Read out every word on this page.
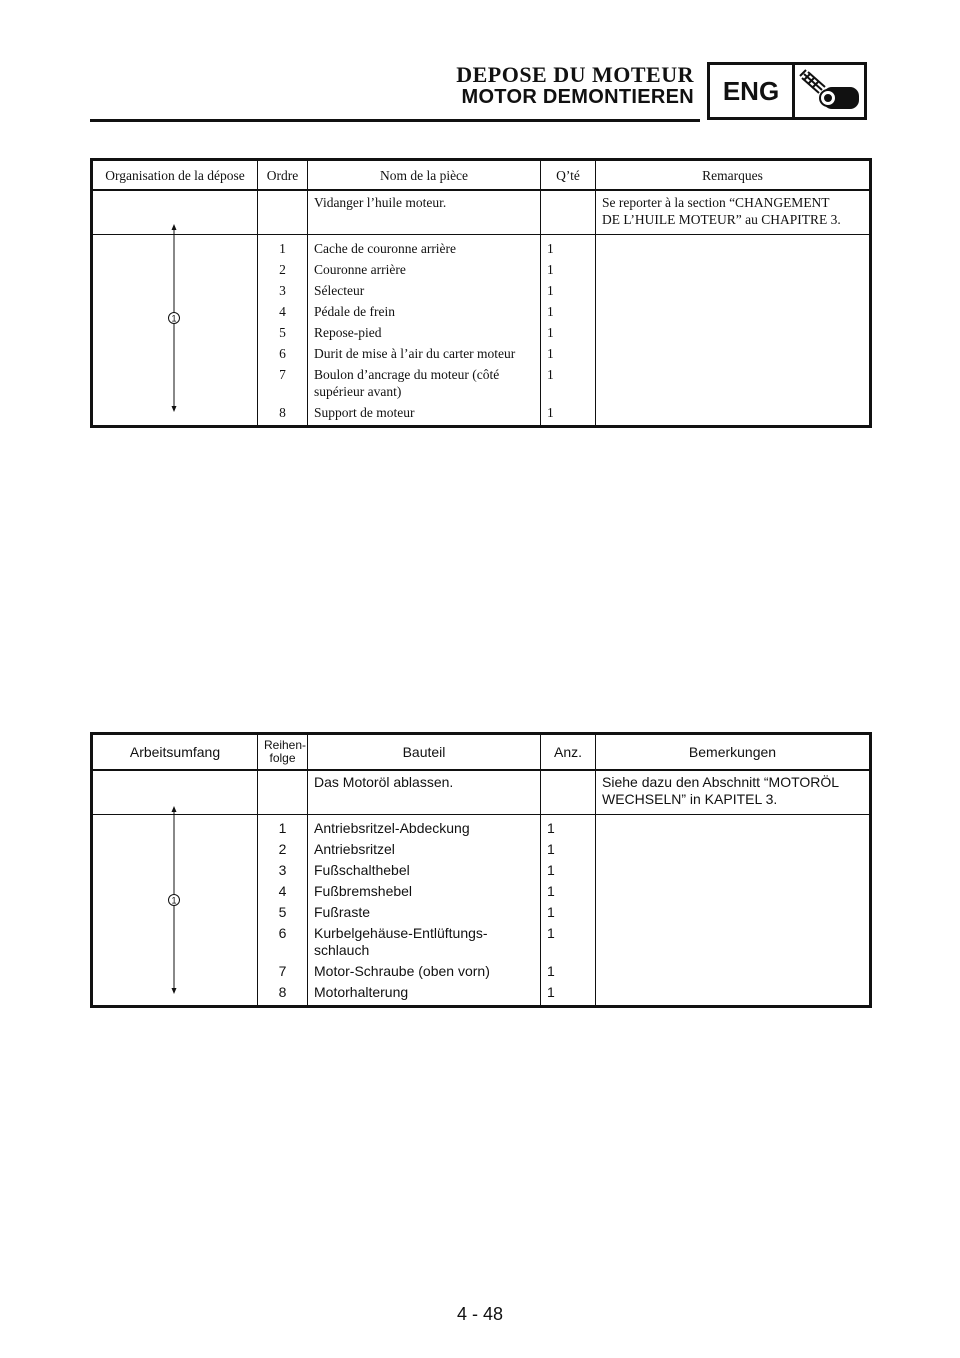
DEPOSE DU MOTEUR
MOTOR DEMONTIEREN	ENG
Organisation de la dépose	Ordre	Nom de la pièce	Q’té	Remarques
		Vidanger l’huile moteur.		Se reporter à la section “CHANGEMENT
DE L’HUILE MOTEUR” au CHAPITRE 3.

	1	Cache de couronne arrière	1	
	2	Couronne arrière	1	
	3	Sélecteur	1	
	4	Pédale de frein	1	
	5	Repose-pied	1	
	6	Durit de mise à l’air du carter moteur	1	
	7	Boulon d’ancrage du moteur (côté
supérieur avant)	1	
	8	Support de moteur	1	
1
Arbeitsumfang	Reihen-
folge	Bauteil	Anz.	Bemerkungen
		Das Motoröl ablassen.		Siehe dazu den Abschnitt “MOTORÖL
WECHSELN” in KAPITEL 3.

	1	Antriebsritzel-Abdeckung	1	
	2	Antriebsritzel	1	
	3	Fußschalthebel	1	
	4	Fußbremshebel	1	
	5	Fußraste	1	
	6	Kurbelgehäuse-Entlüftungs-
schlauch	1	
	7	Motor-Schraube (oben vorn)	1	
	8	Motorhalterung	1	
1
4 - 48
